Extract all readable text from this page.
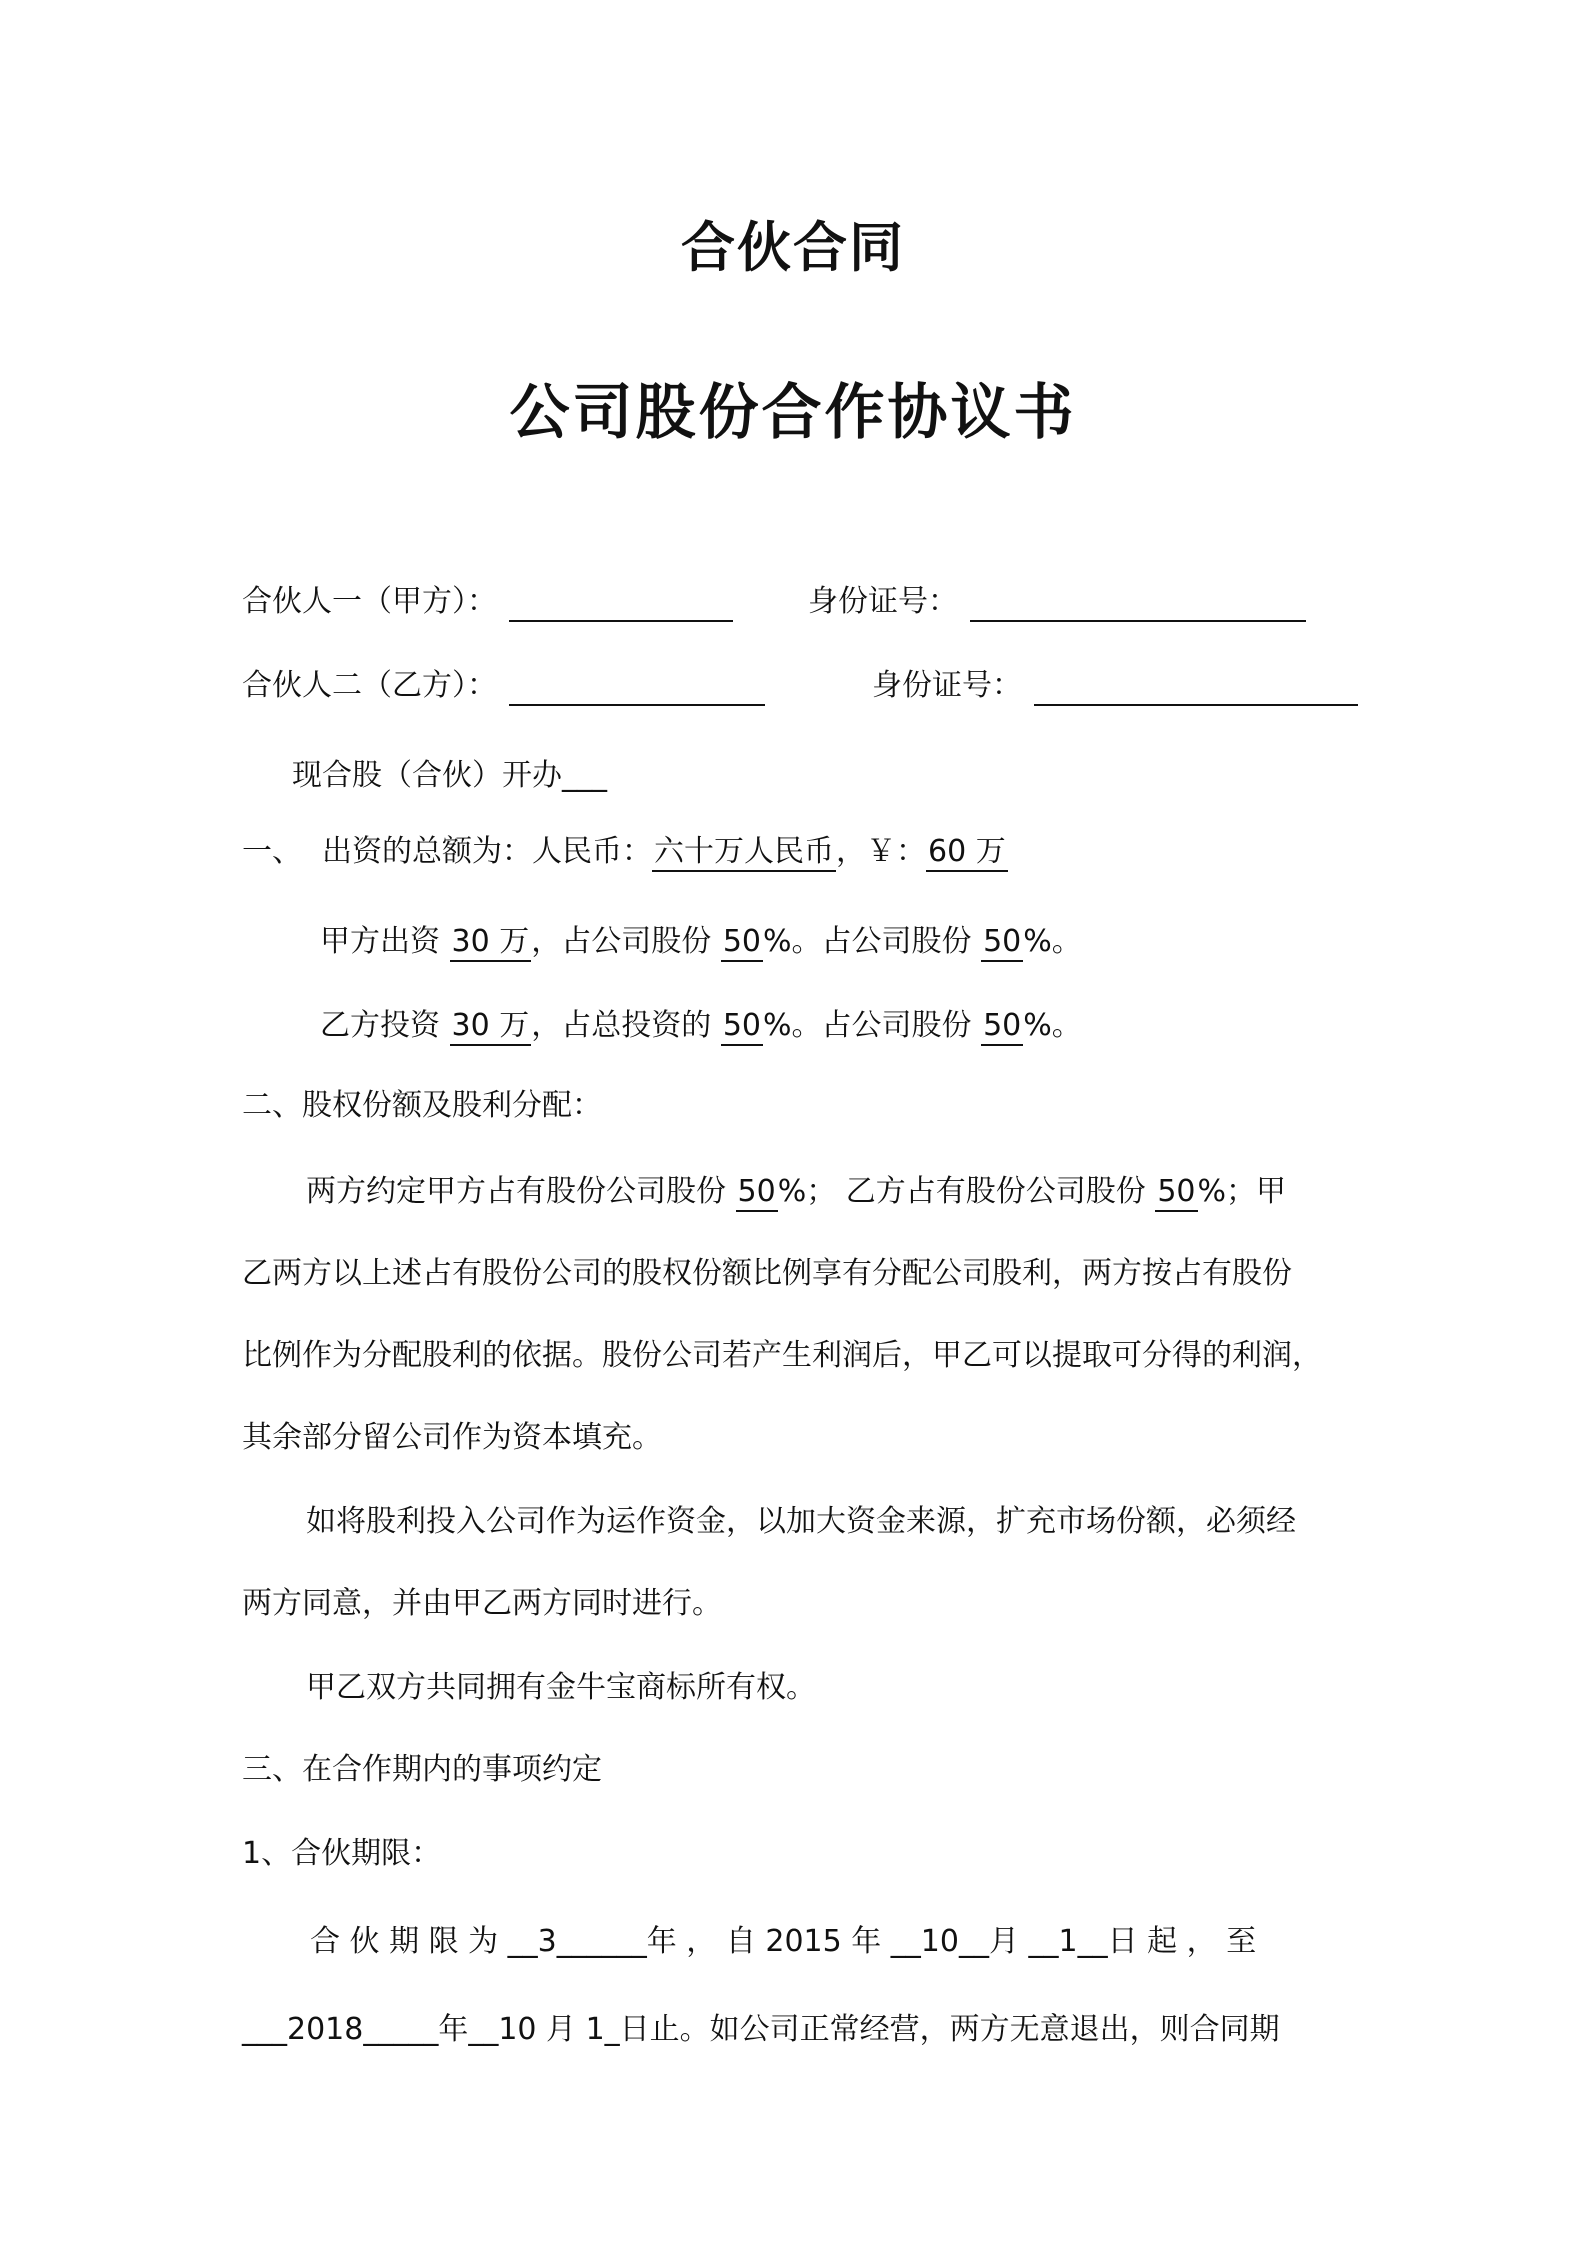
合伙合同
公司股份合作协议书
合伙人一（甲方）：	身份证号：
合伙人二（乙方）：	身份证号：
现合股（合伙）开办___
一、 出资的总额为：人民币：六十万人民币，￥：60 万
甲方出资 30 万，占公司股份 50%。占公司股份 50%。
乙方投资 30 万，占总投资的 50%。占公司股份 50%。
二、股权份额及股利分配：
两方约定甲方占有股份公司股份 50%； 乙方占有股份公司股份 50%；甲
乙两方以上述占有股份公司的股权份额比例享有分配公司股利，两方按占有股份
比例作为分配股利的依据。股份公司若产生利润后，甲乙可以提取可分得的利润，
其余部分留公司作为资本填充。
如将股利投入公司作为运作资金，以加大资金来源，扩充市场份额，必须经
两方同意，并由甲乙两方同时进行。
甲乙双方共同拥有金牛宝商标所有权。
三、在合作期内的事项约定
1、合伙期限：
合 伙 期 限 为 __3______年 ， 自 2015 年 __10__月 __1__日 起 ， 至
___2018_____年__10 月 1_日止。如公司正常经营，两方无意退出，则合同期
